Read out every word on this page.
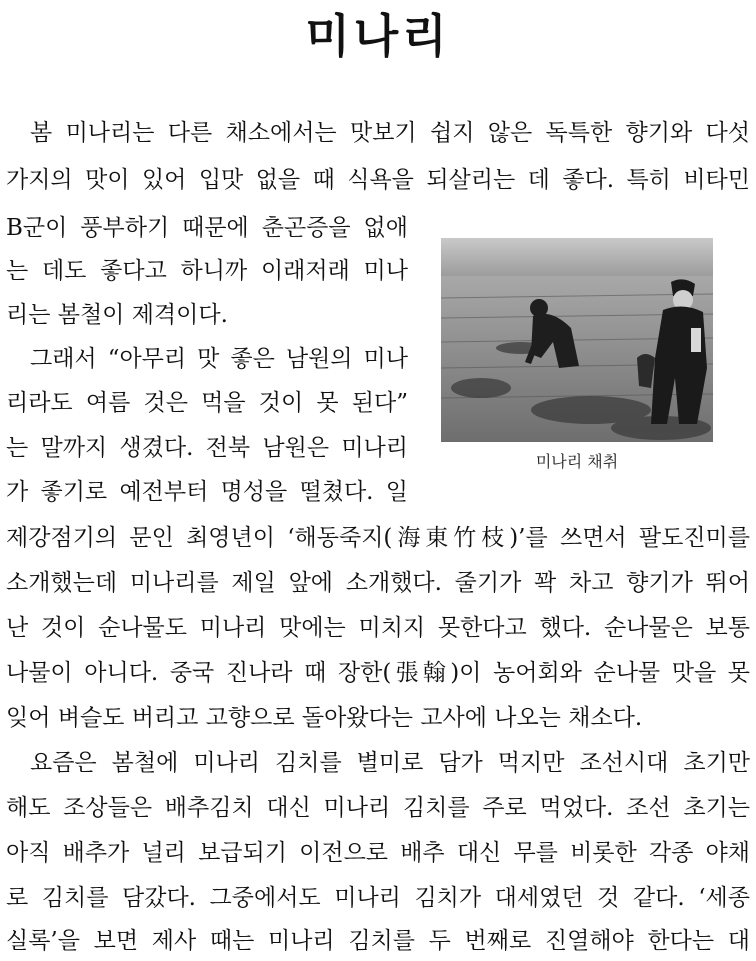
미나리
봄 미나리는 다른 채소에서는 맛보기 쉽지 않은 독특한 향기와 다섯
가지의 맛이 있어 입맛 없을 때 식욕을 되살리는 데 좋다. 특히 비타민
B군이 풍부하기 때문에 춘곤증을 없애
는 데도 좋다고 하니까 이래저래 미나
리는 봄철이 제격이다.
그래서 “아무리 맛 좋은 남원의 미나
리라도 여름 것은 먹을 것이 못 된다”
는 말까지 생겼다. 전북 남원은 미나리
가 좋기로 예전부터 명성을 떨쳤다. 일
제강점기의 문인 최영년이 ‘해동죽지(海東竹枝)’를 쓰면서 팔도진미를
소개했는데 미나리를 제일 앞에 소개했다. 줄기가 꽉 차고 향기가 뛰어
난 것이 순나물도 미나리 맛에는 미치지 못한다고 했다. 순나물은 보통
나물이 아니다. 중국 진나라 때 장한(張翰)이 농어회와 순나물 맛을 못
잊어 벼슬도 버리고 고향으로 돌아왔다는 고사에 나오는 채소다.
요즘은 봄철에 미나리 김치를 별미로 담가 먹지만 조선시대 초기만
해도 조상들은 배추김치 대신 미나리 김치를 주로 먹었다. 조선 초기는
아직 배추가 널리 보급되기 이전으로 배추 대신 무를 비롯한 각종 야채
로 김치를 담갔다. 그중에서도 미나리 김치가 대세였던 것 같다. ‘세종
실록’을 보면 제사 때는 미나리 김치를 두 번째로 진열해야 한다는 대
미나리 채취
